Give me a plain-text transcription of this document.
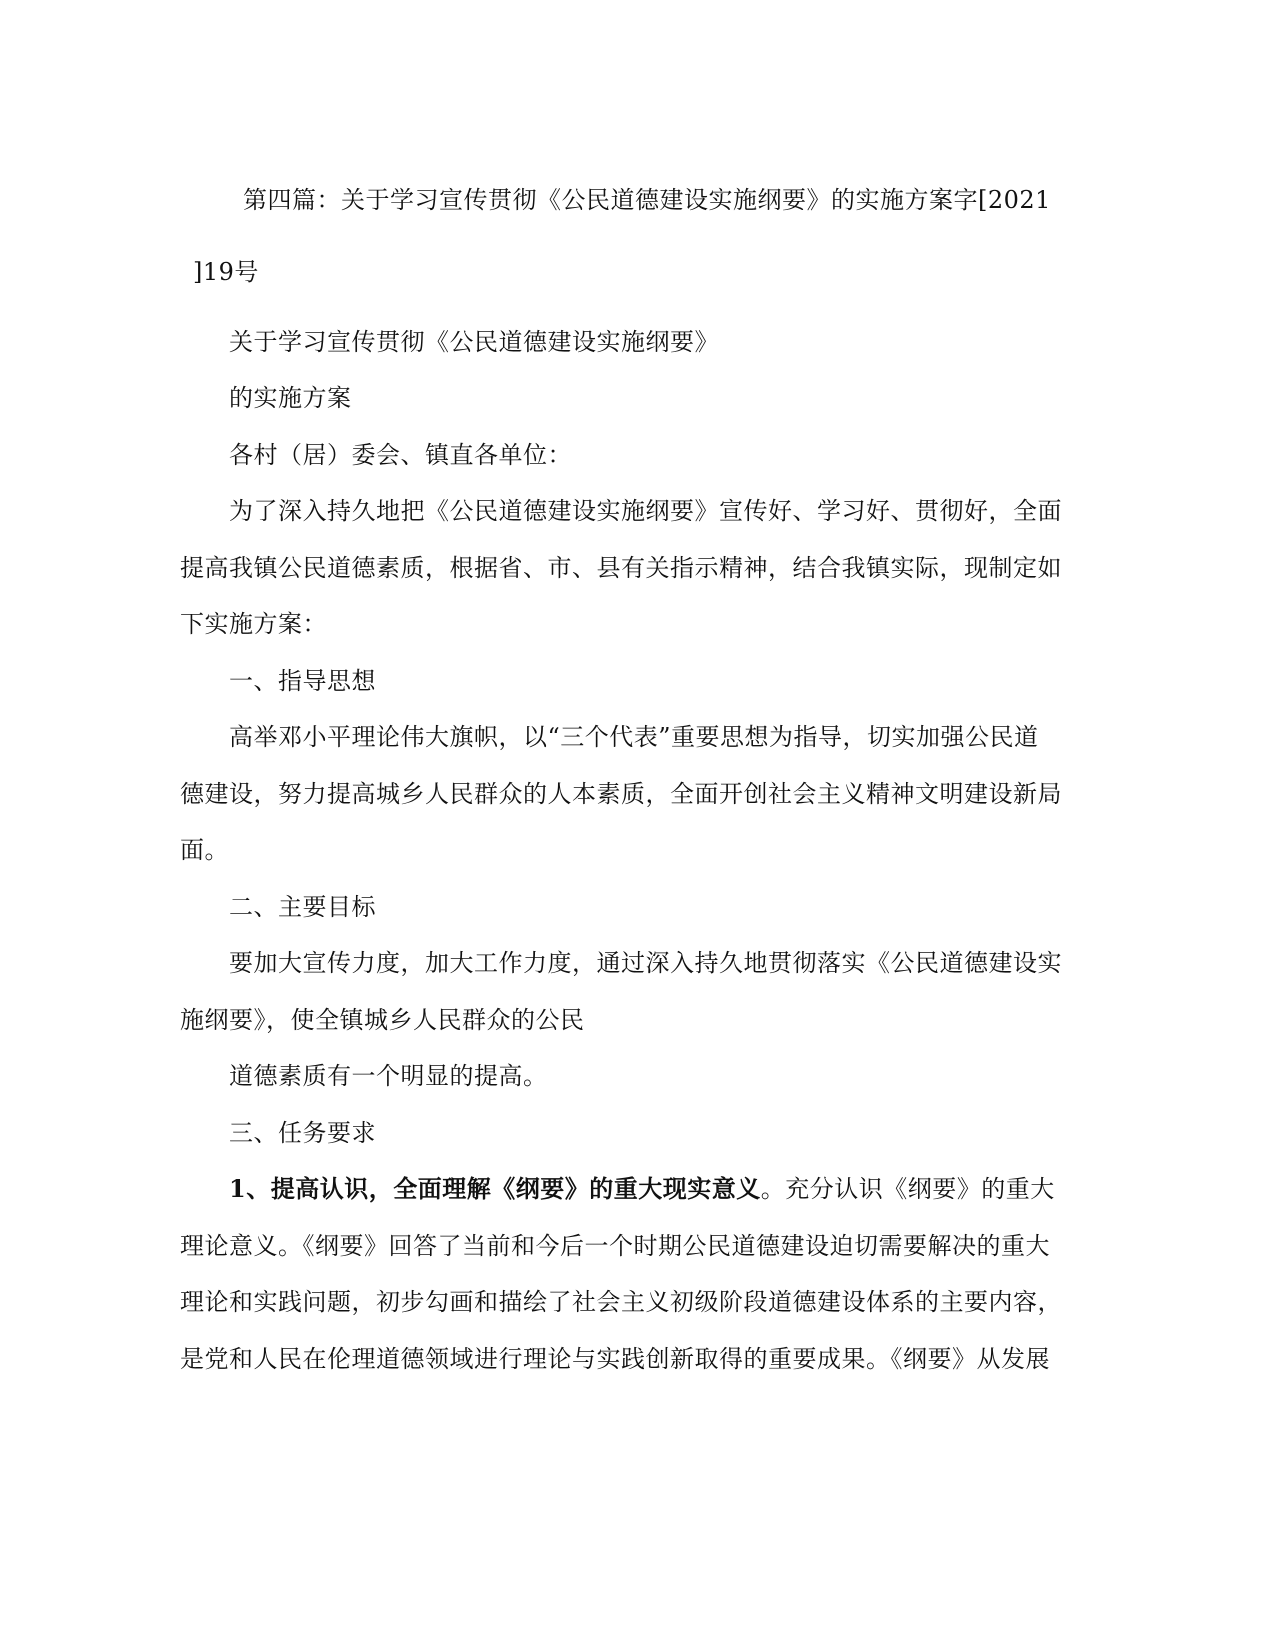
第四篇：关于学习宣传贯彻《公民道德建设实施纲要》的实施方案字[2021
]19号
关于学习宣传贯彻《公民道德建设实施纲要》
的实施方案
各村（居）委会、镇直各单位：
为了深入持久地把《公民道德建设实施纲要》宣传好、学习好、贯彻好，全面
提高我镇公民道德素质，根据省、市、县有关指示精神，结合我镇实际，现制定如
下实施方案：
一、指导思想
高举邓小平理论伟大旗帜，以“三个代表”重要思想为指导，切实加强公民道
德建设，努力提高城乡人民群众的人本素质，全面开创社会主义精神文明建设新局
面。
二、主要目标
要加大宣传力度，加大工作力度，通过深入持久地贯彻落实《公民道德建设实
施纲要》，使全镇城乡人民群众的公民
道德素质有一个明显的提高。
三、任务要求
1、提高认识，全面理解《纲要》的重大现实意义。充分认识《纲要》的重大
理论意义。《纲要》回答了当前和今后一个时期公民道德建设迫切需要解决的重大
理论和实践问题，初步勾画和描绘了社会主义初级阶段道德建设体系的主要内容，
是党和人民在伦理道德领域进行理论与实践创新取得的重要成果。《纲要》从发展
